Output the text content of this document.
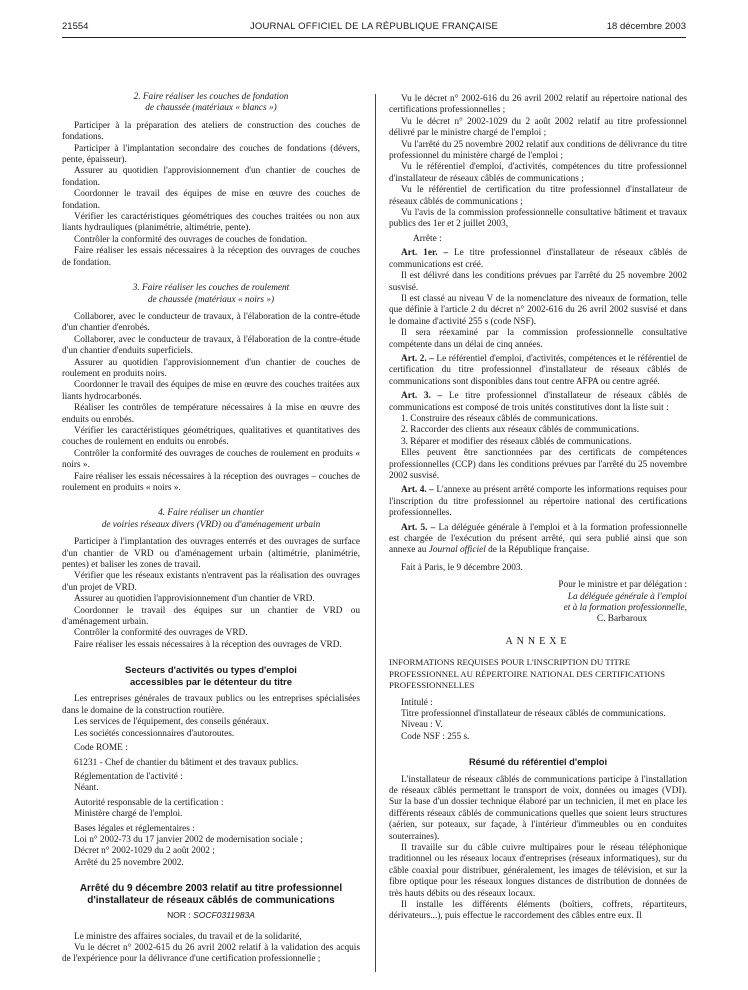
21554	JOURNAL OFFICIEL DE LA RÉPUBLIQUE FRANÇAISE	18 décembre 2003

2. Faire réaliser les couches de fondation

de chaussée (matériaux « blancs »)

Participer à la préparation des ateliers de construction des couches de fondations.

Participer à l'implantation secondaire des couches de fondations (dévers, pente, épaisseur).

Assurer au quotidien l'approvisionnement d'un chantier de couches de fondation.

Coordonner le travail des équipes de mise en œuvre des couches de fondation.

Vérifier les caractéristiques géométriques des couches traitées ou non aux liants hydrauliques (planimétrie, altimétrie, pente).

Contrôler la conformité des ouvrages de couches de fondation.

Faire réaliser les essais nécessaires à la réception des ouvrages de couches de fondation.

3. Faire réaliser les couches de roulement

de chaussée (matériaux « noirs »)

Collaborer, avec le conducteur de travaux, à l'élaboration de la contre-étude d'un chantier d'enrobés.

Collaborer, avec le conducteur de travaux, à l'élaboration de la contre-étude d'un chantier d'enduits superficiels.

Assurer au quotidien l'approvisionnement d'un chantier de couches de roulement en produits noirs.

Coordonner le travail des équipes de mise en œuvre des couches traitées aux liants hydrocarbonés.

Réaliser les contrôles de température nécessaires à la mise en œuvre des enduits ou enrobés.

Vérifier les caractéristiques géométriques, qualitatives et quantitatives des couches de roulement en enduits ou enrobés.

Contrôler la conformité des ouvrages de couches de roulement en produits « noirs ».

Faire réaliser les essais nécessaires à la réception des ouvrages – couches de roulement en produits « noirs ».

4. Faire réaliser un chantier

de voiries réseaux divers (VRD) ou d'aménagement urbain

Participer à l'implantation des ouvrages enterrés et des ouvrages de surface d'un chantier de VRD ou d'aménagement urbain (altimétrie, planimétrie, pentes) et baliser les zones de travail.

Vérifier que les réseaux existants n'entravent pas la réalisation des ouvrages d'un projet de VRD.

Assurer au quotidien l'approvisionnement d'un chantier de VRD.

Coordonner le travail des équipes sur un chantier de VRD ou d'aménagement urbain.

Contrôler la conformité des ouvrages de VRD.

Faire réaliser les essais nécessaires à la réception des ouvrages de VRD.

Secteurs d'activités ou types d'emploi

accessibles par le détenteur du titre

Les entreprises générales de travaux publics ou les entreprises spécialisées dans le domaine de la construction routière.

Les services de l'équipement, des conseils généraux.

Les sociétés concessionnaires d'autoroutes.

Code ROME :

61231 - Chef de chantier du bâtiment et des travaux publics.

Réglementation de l'activité :

Néant.

Autorité responsable de la certification :

Ministère chargé de l'emploi.

Bases légales et réglementaires :

Loi n° 2002-73 du 17 janvier 2002 de modernisation sociale ;

Décret n° 2002-1029 du 2 août 2002 ;

Arrêté du 25 novembre 2002.

Arrêté du 9 décembre 2003 relatif au titre professionnel

d'installateur de réseaux câblés de communications

NOR : SOCF0311983A

Le ministre des affaires sociales, du travail et de la solidarité,

Vu le décret n° 2002-615 du 26 avril 2002 relatif à la validation des acquis de l'expérience pour la délivrance d'une certification professionnelle ;

Vu le décret n° 2002-616 du 26 avril 2002 relatif au répertoire national des certifications professionnelles ;

Vu le décret n° 2002-1029 du 2 août 2002 relatif au titre professionnel délivré par le ministre chargé de l'emploi ;

Vu l'arrêté du 25 novembre 2002 relatif aux conditions de délivrance du titre professionnel du ministère chargé de l'emploi ;

Vu le référentiel d'emploi, d'activités, compétences du titre professionnel d'installateur de réseaux câblés de communications ;

Vu le référentiel de certification du titre professionnel d'installateur de réseaux câblés de communications ;

Vu l'avis de la commission professionnelle consultative bâtiment et travaux publics des 1er et 2 juillet 2003,

Arrête :

Art. 1er. – Le titre professionnel d'installateur de réseaux câblés de communications est créé.

Il est délivré dans les conditions prévues par l'arrêté du 25 novembre 2002 susvisé.

Il est classé au niveau V de la nomenclature des niveaux de formation, telle que définie à l'article 2 du décret n° 2002-616 du 26 avril 2002 susvisé et dans le domaine d'activité 255 s (code NSF).

Il sera réexaminé par la commission professionnelle consultative compétente dans un délai de cinq années.

Art. 2. – Le référentiel d'emploi, d'activités, compétences et le référentiel de certification du titre professionnel d'installateur de réseaux câblés de communications sont disponibles dans tout centre AFPA ou centre agréé.

Art. 3. – Le titre professionnel d'installateur de réseaux câblés de communications est composé de trois unités constitutives dont la liste suit :

1. Construire des réseaux câblés de communications.

2. Raccorder des clients aux réseaux câblés de communications.

3. Réparer et modifier des réseaux câblés de communications.

Elles peuvent être sanctionnées par des certificats de compétences professionnelles (CCP) dans les conditions prévues par l'arrêté du 25 novembre 2002 susvisé.

Art. 4. – L'annexe au présent arrêté comporte les informations requises pour l'inscription du titre professionnel au répertoire national des certifications professionnelles.

Art. 5. – La déléguée générale à l'emploi et à la formation professionnelle est chargée de l'exécution du présent arrêté, qui sera publié ainsi que son annexe au Journal officiel de la République française.

Fait à Paris, le 9 décembre 2003.

Pour le ministre et par délégation :

La déléguée générale à l'emploi

et à la formation professionnelle,

C. Barbaroux

ANNEXE

INFORMATIONS REQUISES POUR L'INSCRIPTION DU TITRE PROFESSIONNEL AU RÉPERTOIRE NATIONAL DES CERTIFICATIONS PROFESSIONNELLES

Intitulé :

Titre professionnel d'installateur de réseaux câblés de communications.

Niveau : V.

Code NSF : 255 s.

Résumé du référentiel d'emploi

L'installateur de réseaux câblés de communications participe à l'installation de réseaux câblés permettant le transport de voix, données ou images (VDI). Sur la base d'un dossier technique élaboré par un technicien, il met en place les différents réseaux câblés de communications quelles que soient leurs structures (aérien, sur poteaux, sur façade, à l'intérieur d'immeubles ou en conduites souterraines).

Il travaille sur du câble cuivre multipaires pour le réseau téléphonique traditionnel ou les réseaux locaux d'entreprises (réseaux informatiques), sur du câble coaxial pour distribuer, généralement, les images de télévision, et sur la fibre optique pour les réseaux longues distances de distribution de données de très hauts débits ou des réseaux locaux.

Il installe les différents éléments (boîtiers, coffrets, répartiteurs, dérivateurs...), puis effectue le raccordement des câbles entre eux. Il
